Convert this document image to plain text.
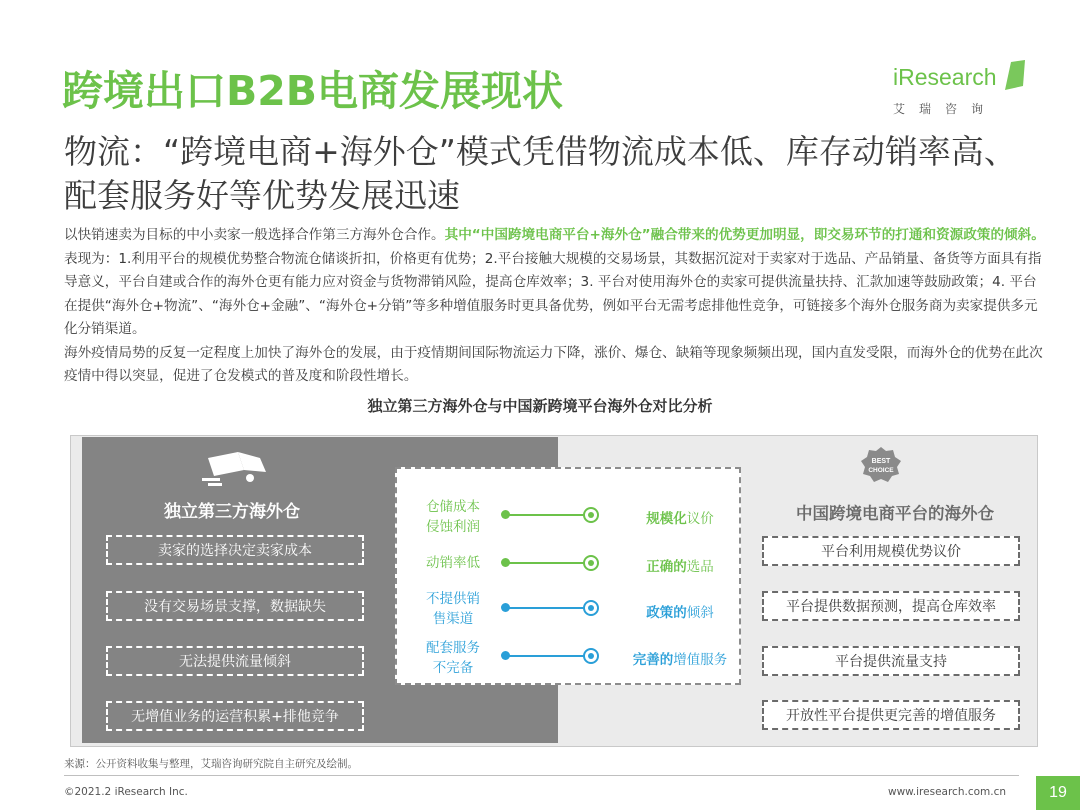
跨境出口B2B电商发展现状	iResearch
艾瑞咨询
物流：“跨境电商+海外仓”模式凭借物流成本低、库存动销率高、配套服务好等优势发展迅速
以快销速卖为目标的中小卖家一般选择合作第三方海外仓合作。其中“中国跨境电商平台+海外仓”融合带来的优势更加明显，即交易环节的打通和资源政策的倾斜。表现为：1.利用平台的规模优势整合物流仓储谈折扣，价格更有优势；2.平台接触大规模的交易场景，其数据沉淀对于卖家对于选品、产品销量、备货等方面具有指导意义，平台自建或合作的海外仓更有能力应对资金与货物滞销风险，提高仓库效率；3. 平台对使用海外仓的卖家可提供流量扶持、汇款加速等鼓励政策；4. 平台在提供“海外仓+物流”、“海外仓+金融”、“海外仓+分销”等多种增值服务时更具备优势，例如平台无需考虑排他性竞争，可链接多个海外仓服务商为卖家提供多元化分销渠道。
海外疫情局势的反复一定程度上加快了海外仓的发展，由于疫情期间国际物流运力下降，涨价、爆仓、缺箱等现象频频出现，国内直发受限，而海外仓的优势在此次疫情中得以突显，促进了仓发模式的普及度和阶段性增长。
独立第三方海外仓与中国新跨境平台海外仓对比分析
独立第三方海外仓
卖家的选择决定卖家成本
没有交易场景支撑，数据缺失
无法提供流量倾斜
无增值业务的运营积累+排他竞争
BEST
CHOICE
中国跨境电商平台的海外仓
平台利用规模优势议价
平台提供数据预测，提高仓库效率
平台提供流量支持
开放性平台提供更完善的增值服务
仓储成本
侵蚀利润	规模化议价
动销率低	正确的选品
不提供销
售渠道	政策的倾斜
配套服务
不完备	完善的增值服务
来源：公开资料收集与整理，艾瑞咨询研究院自主研究及绘制。
©2021.2 iResearch Inc.	www.iresearch.com.cn	19
